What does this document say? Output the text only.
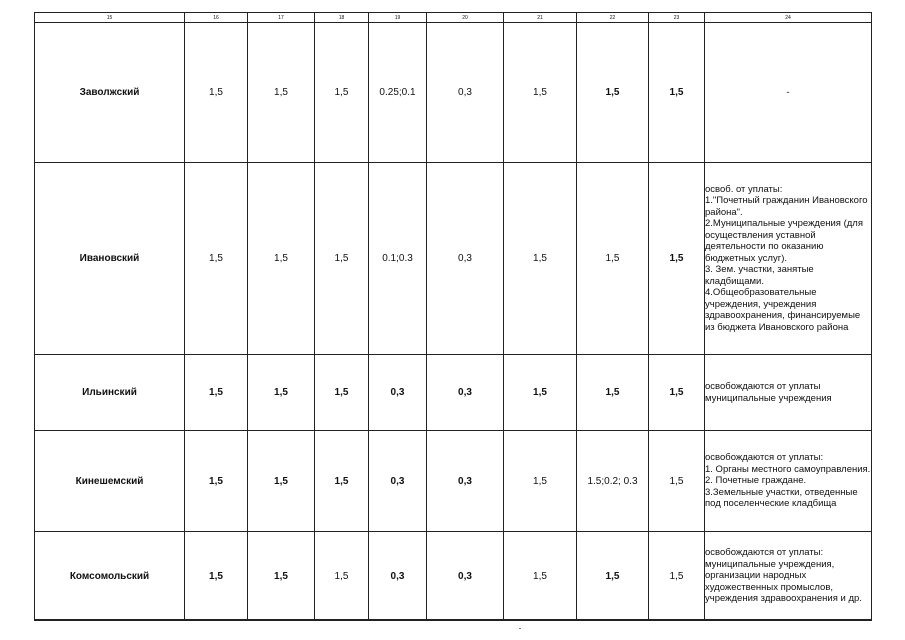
15	16	17	18	19	20	21	22	23	24
Заволжский	1,5	1,5	1,5	0.25;0.1	0,3	1,5	1,5	1,5	-
Ивановский	1,5	1,5	1,5	0.1;0.3	0,3	1,5	1,5	1,5	освоб. от уплаты:
1."Почетный гражданин Ивановского района".
2.Муниципальные учреждения (для осуществления уставной деятельности по оказанию бюджетных услуг).
3. Зем. участки, занятые кладбищами.
4.Общеобразовательные учреждения, учреждения здравоохранения, финансируемые из бюджета Ивановского района
Ильинский	1,5	1,5	1,5	0,3	0,3	1,5	1,5	1,5	освобождаются от уплаты муниципальные учреждения
Кинешемский	1,5	1,5	1,5	0,3	0,3	1,5	1.5;0.2; 0.3	1,5	освобождаются от уплаты:
1. Органы местного самоуправления.
2. Почетные граждане.
3.Земельные участки, отведенные под поселенческие кладбища
Комсомольский	1,5	1,5	1,5	0,3	0,3	1,5	1,5	1,5	освобождаются от уплаты: муниципальные учреждения, организации народных художественных промыслов, учреждения здравоохранения и др.
